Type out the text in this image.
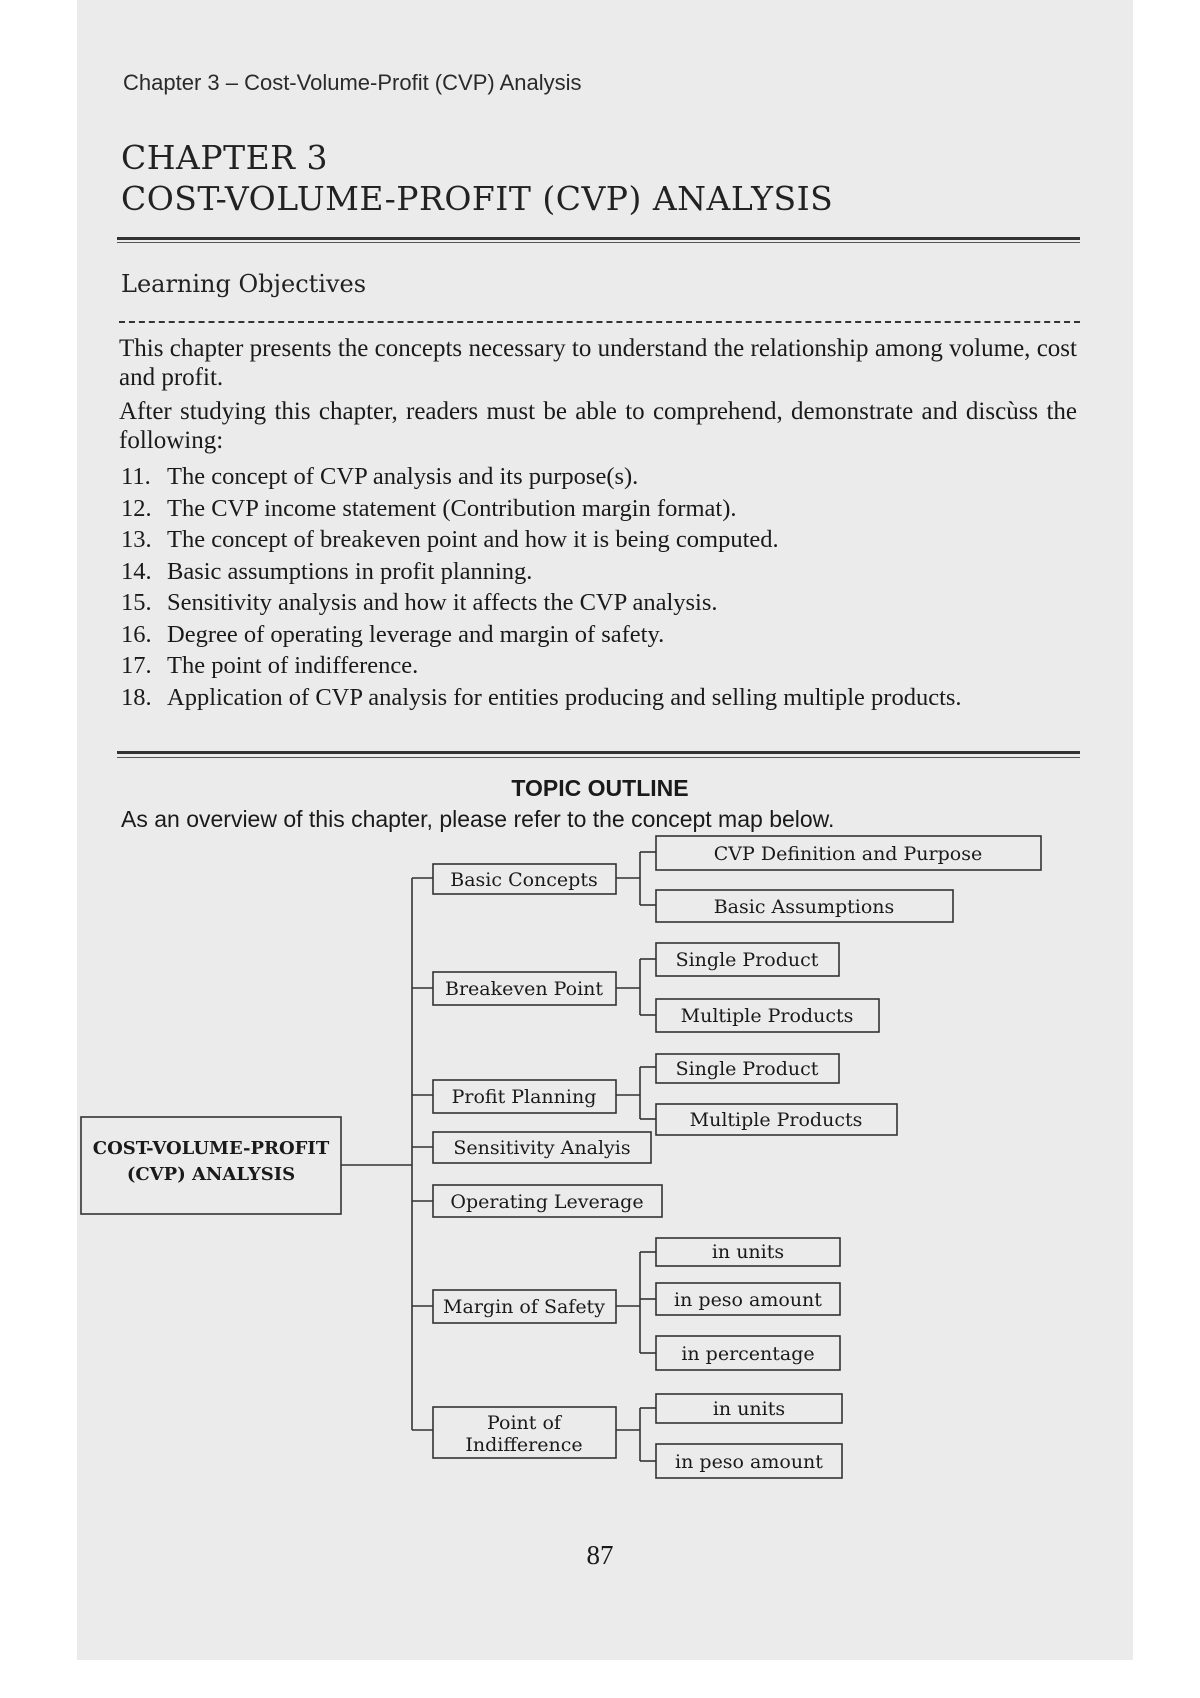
Chapter 3 – Cost-Volume-Profit (CVP) Analysis
CHAPTER 3
COST-VOLUME-PROFIT (CVP) ANALYSIS
Learning Objectives
This chapter presents the concepts necessary to understand the relationship among volume, cost and profit.
After studying this chapter, readers must be able to comprehend, demonstrate and discùss the following:
11. The concept of CVP analysis and its purpose(s).
12. The CVP income statement (Contribution margin format).
13. The concept of breakeven point and how it is being computed.
14. Basic assumptions in profit planning.
15. Sensitivity analysis and how it affects the CVP analysis.
16. Degree of operating leverage and margin of safety.
17. The point of indifference.
18. Application of CVP analysis for entities producing and selling multiple products.
TOPIC OUTLINE
As an overview of this chapter, please refer to the concept map below.
COST-VOLUME-PROFIT
(CVP) ANALYSIS
Basic Concepts
CVP Definition and Purpose
Basic Assumptions
Breakeven Point
Single Product
Multiple Products
Profit Planning
Single Product
Multiple Products
Sensitivity Analyis
Operating Leverage
Margin of Safety
in units
in peso amount
in percentage
Point of
Indifference
in units
in peso amount
87
